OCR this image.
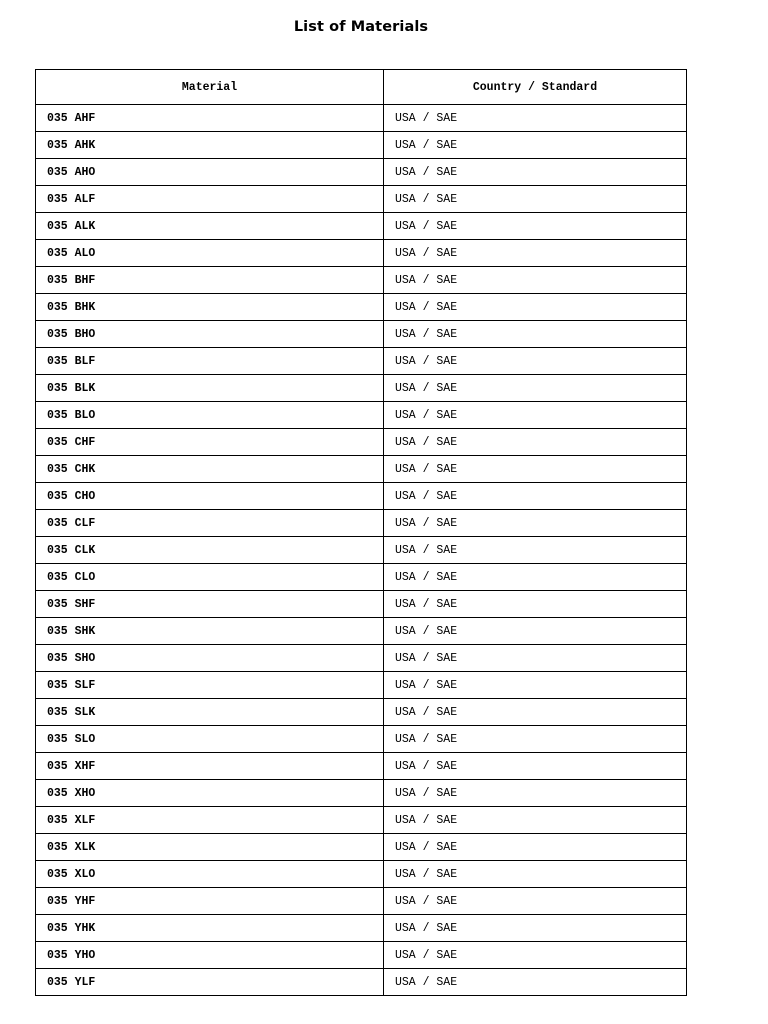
List of Materials
Material	Country / Standard
035 AHF	USA / SAE
035 AHK	USA / SAE
035 AHO	USA / SAE
035 ALF	USA / SAE
035 ALK	USA / SAE
035 ALO	USA / SAE
035 BHF	USA / SAE
035 BHK	USA / SAE
035 BHO	USA / SAE
035 BLF	USA / SAE
035 BLK	USA / SAE
035 BLO	USA / SAE
035 CHF	USA / SAE
035 CHK	USA / SAE
035 CHO	USA / SAE
035 CLF	USA / SAE
035 CLK	USA / SAE
035 CLO	USA / SAE
035 SHF	USA / SAE
035 SHK	USA / SAE
035 SHO	USA / SAE
035 SLF	USA / SAE
035 SLK	USA / SAE
035 SLO	USA / SAE
035 XHF	USA / SAE
035 XHO	USA / SAE
035 XLF	USA / SAE
035 XLK	USA / SAE
035 XLO	USA / SAE
035 YHF	USA / SAE
035 YHK	USA / SAE
035 YHO	USA / SAE
035 YLF	USA / SAE
